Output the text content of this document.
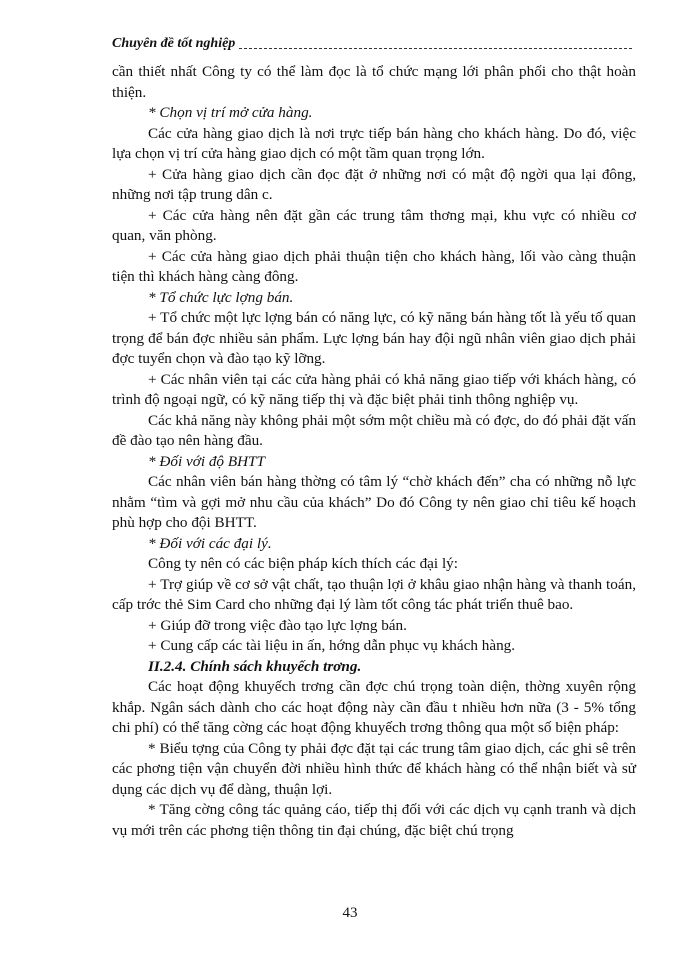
Chuyên đề tốt nghiệp

cần thiết nhất Công ty có thể làm đọc là tổ chức mạng lới phân phối cho thật hoàn thiện.

* Chọn vị trí mở cửa hàng.

Các cửa hàng giao dịch là nơi trực tiếp bán hàng cho khách hàng. Do đó, việc lựa chọn vị trí cửa hàng giao dịch có một tầm quan trọng lớn.

+ Cửa hàng giao dịch cần đọc đặt ở những nơi có mật độ ngời qua lại đông, những nơi tập trung dân c.

+ Các cửa hàng nên đặt gần các trung tâm thơng mại, khu vực có nhiều cơ quan, văn phòng.

+ Các cửa hàng giao dịch phải thuận tiện cho khách hàng, lối vào càng thuận tiện thì khách hàng càng đông.

* Tổ chức lực lợng bán.

+ Tổ chức một lực lợng bán có năng lực, có kỹ năng bán hàng tốt là yếu tố quan trọng để bán đợc nhiều sản phẩm. Lực lợng bán hay đội ngũ nhân viên giao dịch phải đợc tuyển chọn và đào tạo kỹ lỡng.

+ Các nhân viên tại các cửa hàng phải có khả năng giao tiếp với khách hàng, có trình độ ngoại ngữ, có kỹ năng tiếp thị và đặc biệt phải tinh thông nghiệp vụ.

Các khả năng này không phải một sớm một chiều mà có đợc, do đó phải đặt vấn đề đào tạo nên hàng đầu.

* Đối với độ BHTT

Các nhân viên bán hàng thờng có tâm lý “chờ khách đến” cha có những nỗ lực nhằm “tìm và gợi mở nhu cầu của khách” Do đó Công ty nên giao chỉ tiêu kế hoạch phù hợp cho đội BHTT.

* Đối với các đại lý.

Công ty nên có các biện pháp kích thích các đại lý:

+ Trợ giúp về cơ sở vật chất, tạo thuận lợi ở khâu giao nhận hàng và thanh toán, cấp trớc thẻ Sim Card cho những đại lý làm tốt công tác phát triển thuê bao.

+ Giúp đỡ trong việc đào tạo lực lợng bán.

+ Cung cấp các tài liệu in ấn, hớng dẫn phục vụ khách hàng.

II.2.4. Chính sách khuyếch trơng.

Các hoạt động khuyếch trơng cần đợc chú trọng toàn diện, thờng xuyên rộng khắp. Ngân sách dành cho các hoạt động này cần đầu t nhiều hơn nữa (3 - 5% tổng chi phí) có thể tăng cờng các hoạt động khuyếch trơng thông qua một số biện pháp:

* Biểu tợng của Công ty phải đợc đặt tại các trung tâm giao dịch, các ghi sê trên các phơng tiện vận chuyển đời nhiều hình thức để khách hàng có thể nhận biết và sử dụng các dịch vụ để dàng, thuận lợi.

* Tăng cờng công tác quảng cáo, tiếp thị đối với các dịch vụ cạnh tranh và dịch vụ mới trên các phơng tiện thông tin đại chúng, đặc biệt chú trọng

43
